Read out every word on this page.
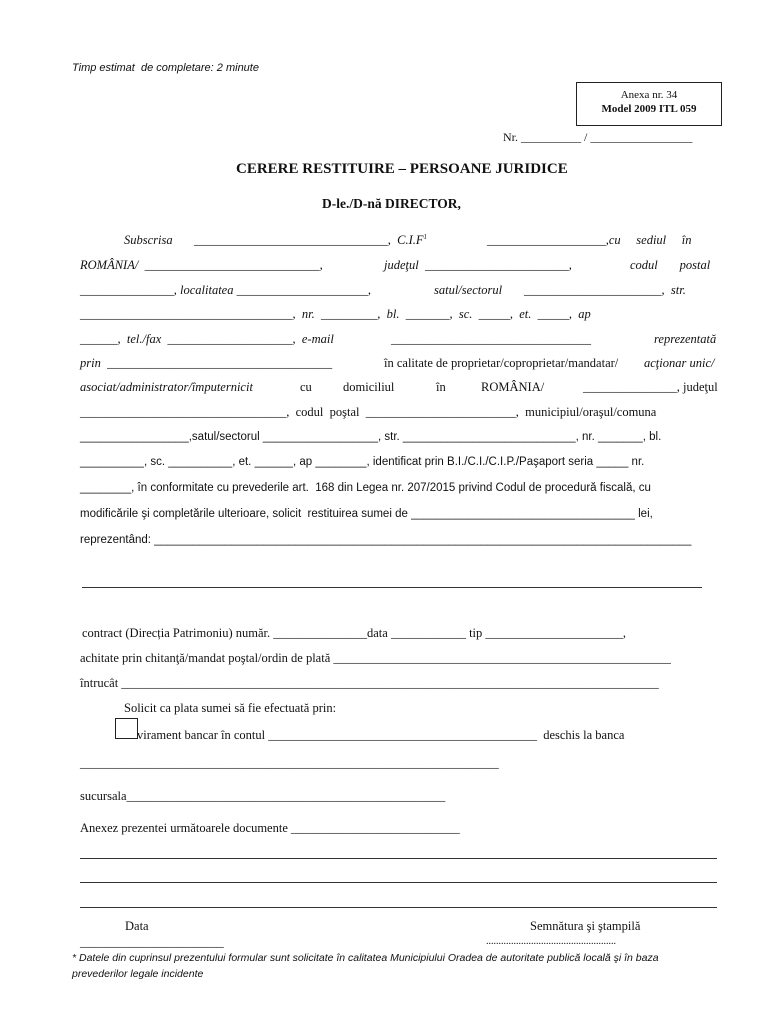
Timp estimat  de completare: 2 minute
Anexa nr. 34
Model 2009 ITL 059
Nr. __________ / _________________
CERERE RESTITUIRE – PERSOANE JURIDICE
D-le./D-nă DIRECTOR,
Subscrisa _______________________________,  $C.I.F^1$	___________________,cu     sediul     în
ROMÂNIA/  ____________________________,	judeţul  _______________________,	codul       postal
_______________, localitatea _____________________,	satul/sectorul ______________________,  str.
__________________________________,  nr.  _________,  bl.  _______,  sc.  _____,  et.  _____,  ap
______,  tel./fax  ____________________,  e-mail	________________________________	reprezentată
prin  ____________________________________	în calitate de proprietar/coproprietar/mandatar/ acţionar unic/
asociat/administrator/împuternicit	cu domiciliul	în	ROMÂNIA/	_______________, judeţul
_________________________________,  codul  poştal  ________________________,  municipiul/oraşul/comuna
_________________,satul/sectorul __________________, str. ___________________________, nr. _______, bl.
__________, sc. __________, et. ______, ap ________, identificat prin B.I./C.I./C.I.P./Paşaport seria _____ nr.
________, în conformitate cu prevederile art.  168 din Legea nr. 207/2015 privind Codul de procedură fiscală, cu
modificările şi completările ulterioare, solicit  restituirea sumei de ___________________________________ lei,
reprezentând: ____________________________________________________________________________________
contract (Direcția Patrimoniu) număr. _______________data ____________ tip ______________________,
achitate prin chitanţă/mandat poştal/ordin de plată ______________________________________________________
întrucât ______________________________________________________________________________________
Solicit ca plata sumei să fie efectuată prin:
virament bancar în contul ___________________________________________  deschis la banca
___________________________________________________________________
sucursala___________________________________________________
Anexez prezentei următoarele documente ___________________________
Data	Semnătura şi ştampilă
_______________________	....................................................
* Datele din cuprinsul prezentului formular sunt solicitate în calitatea Municipiului Oradea de autoritate publică locală şi în baza
prevederilor legale incidente
